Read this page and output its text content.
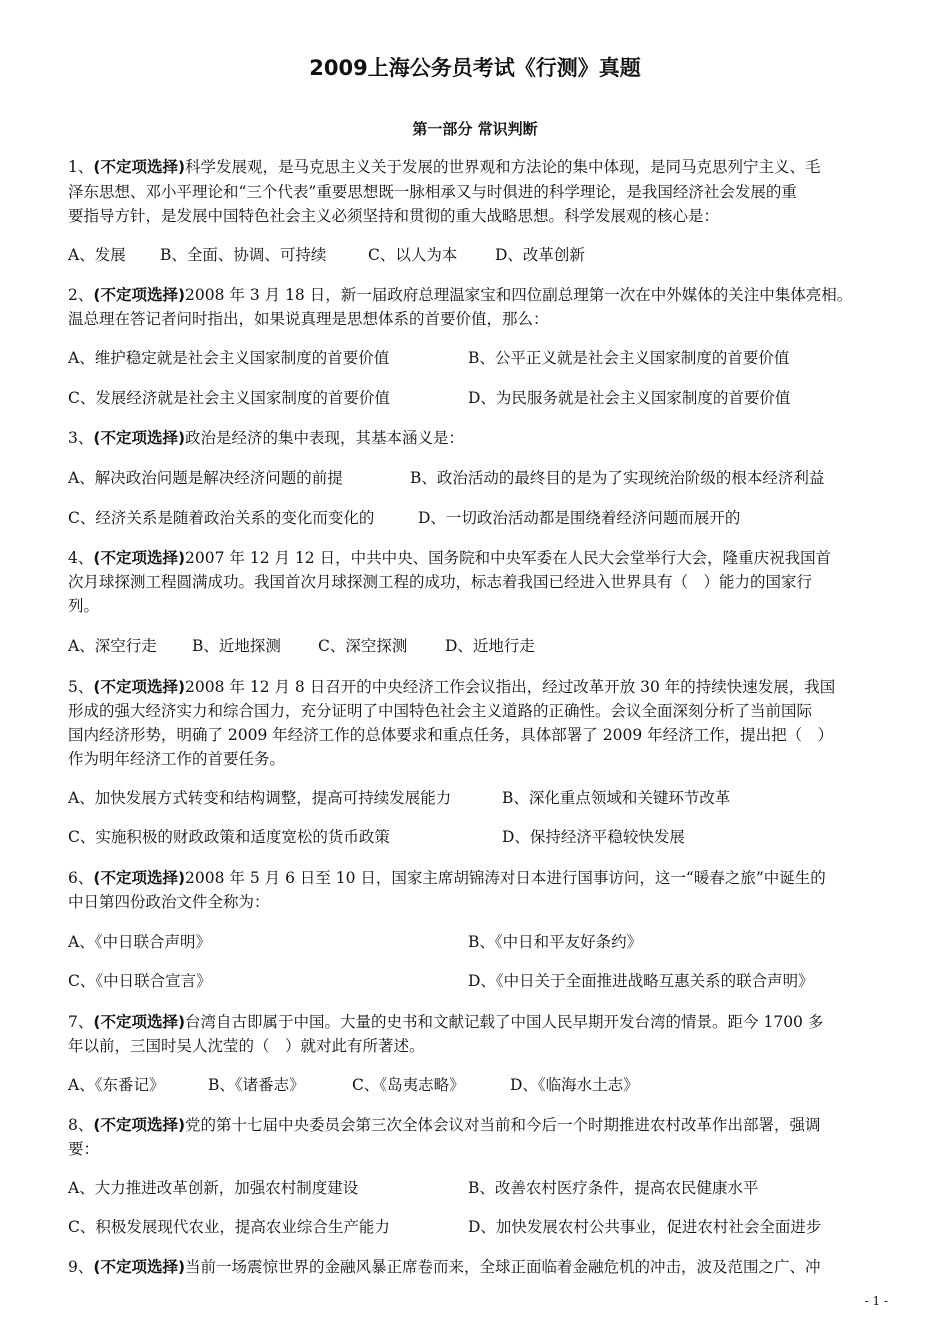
2009上海公务员考试《行测》真题
第一部分 常识判断
1、(不定项选择)科学发展观，是马克思主义关于发展的世界观和方法论的集中体现，是同马克思列宁主义、毛
泽东思想、邓小平理论和“三个代表”重要思想既一脉相承又与时俱进的科学理论，是我国经济社会发展的重
要指导方针，是发展中国特色社会主义必须坚持和贯彻的重大战略思想。科学发展观的核心是：
A、发展 B、全面、协调、可持续	C、以人为本 D、改革创新
2、(不定项选择)2008 年 3 月 18 日，新一届政府总理温家宝和四位副总理第一次在中外媒体的关注中集体亮相。
温总理在答记者问时指出，如果说真理是思想体系的首要价值，那么：
A、维护稳定就是社会主义国家制度的首要价值	B、公平正义就是社会主义国家制度的首要价值
C、发展经济就是社会主义国家制度的首要价值	D、为民服务就是社会主义国家制度的首要价值
3、(不定项选择)政治是经济的集中表现，其基本涵义是：
A、解决政治问题是解决经济问题的前提	B、政治活动的最终目的是为了实现统治阶级的根本经济利益
C、经济关系是随着政治关系的变化而变化的	D、一切政治活动都是围绕着经济问题而展开的
4、(不定项选择)2007 年 12 月 12 日，中共中央、国务院和中央军委在人民大会堂举行大会，隆重庆祝我国首
次月球探测工程圆满成功。我国首次月球探测工程的成功，标志着我国已经进入世界具有（　）能力的国家行
列。
A、深空行走 B、近地探测 C、深空探测 D、近地行走
5、(不定项选择)2008 年 12 月 8 日召开的中央经济工作会议指出，经过改革开放 30 年的持续快速发展，我国
形成的强大经济实力和综合国力，充分证明了中国特色社会主义道路的正确性。会议全面深刻分析了当前国际
国内经济形势，明确了 2009 年经济工作的总体要求和重点任务，具体部署了 2009 年经济工作，提出把（　）
作为明年经济工作的首要任务。
A、加快发展方式转变和结构调整，提高可持续发展能力	B、深化重点领域和关键环节改革
C、实施积极的财政政策和适度宽松的货币政策	D、保持经济平稳较快发展
6、(不定项选择)2008 年 5 月 6 日至 10 日，国家主席胡锦涛对日本进行国事访问，这一“暖春之旅”中诞生的
中日第四份政治文件全称为：
A、《中日联合声明》	B、《中日和平友好条约》
C、《中日联合宣言》	D、《中日关于全面推进战略互惠关系的联合声明》
7、(不定项选择)台湾自古即属于中国。大量的史书和文献记载了中国人民早期开发台湾的情景。距今 1700 多
年以前，三国时吴人沈莹的（　）就对此有所著述。
A、《东番记》	B、《诸番志》	C、《岛夷志略》	D、《临海水土志》
8、(不定项选择)党的第十七届中央委员会第三次全体会议对当前和今后一个时期推进农村改革作出部署，强调
要：
A、大力推进改革创新，加强农村制度建设	B、改善农村医疗条件，提高农民健康水平
C、积极发展现代农业，提高农业综合生产能力	D、加快发展农村公共事业，促进农村社会全面进步
9、(不定项选择)当前一场震惊世界的金融风暴正席卷而来，全球正面临着金融危机的冲击，波及范围之广、冲
- 1 -
